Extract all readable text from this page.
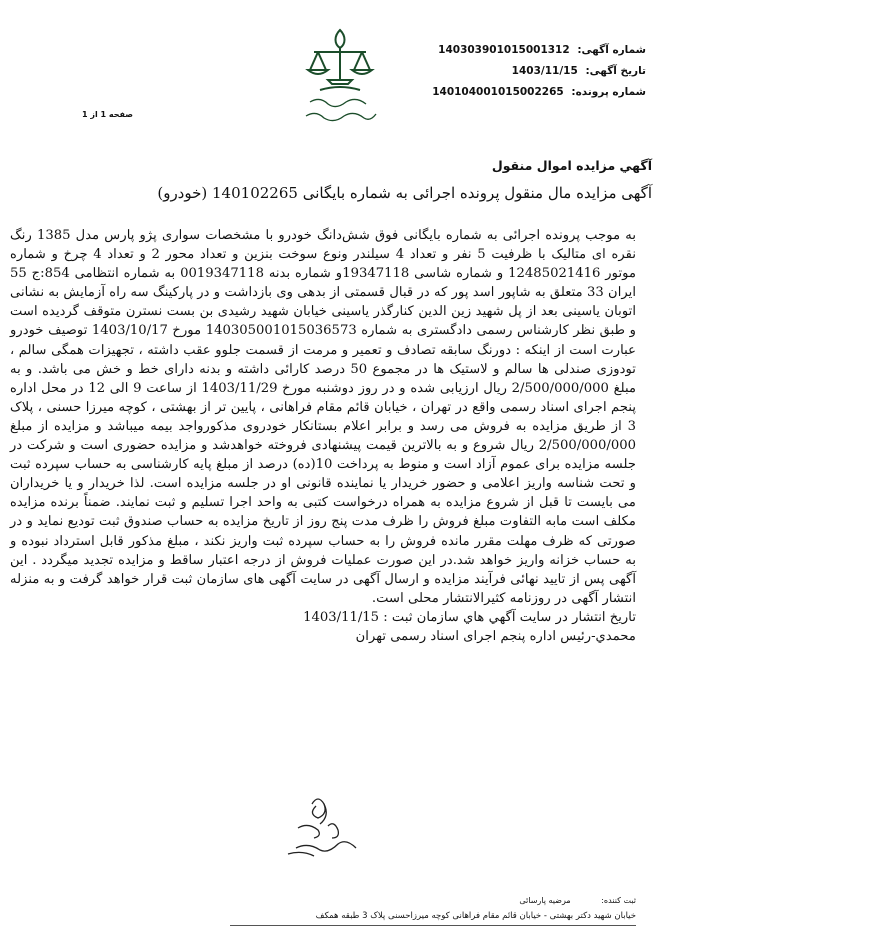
شماره آگهی: 140303901015001312
تاریخ آگهی: 1403/11/15
شماره پرونده: 140104001015002265
صفحه 1 از 1
آگهي مزايده اموال منقول
آگهی مزایده مال منقول پرونده اجرائی به شماره بایگانی 140102265 (خودرو)

به موجب پرونده اجرائی به شماره بایگانی فوق شش‌دانگ خودرو با مشخصات سواری پژو پارس مدل 1385 رنگ نقره ای متالیک با ظرفیت 5 نفر و تعداد 4 سیلندر ونوع سوخت بنزین و تعداد محور 2 و تعداد 4 چرخ و شماره موتور 12485021416 و شماره شاسی 19347118و شماره بدنه 0019347118 به شماره انتظامی 854:ج 55 ایران 33 متعلق به شاپور اسد پور که در قبال قسمتی از بدهی وی بازداشت و در پارکینگ سه راه آزمایش به نشانی اتوبان یاسینی بعد از پل شهید زین الدین کنارگذر یاسینی خیابان شهید رشیدی بن بست نسترن متوقف گردیده است و طبق نظر کارشناس رسمی دادگستری به شماره 140305001015036573 مورخ 1403/10/17 توصیف خودرو عبارت است از اینکه : دورنگ سابقه تصادف و تعمیر و مرمت از قسمت جلوو عقب داشته ، تجهیزات همگی سالم ، تودوزی صندلی ها سالم و لاستیک ها در مجموع 50 درصد کارائی داشته و بدنه دارای خط و خش می باشد. و به مبلغ 2/500/000/000 ریال ارزیابی شده و در روز دوشنبه مورخ 1403/11/29 از ساعت 9 الی 12 در محل اداره پنجم اجرای اسناد رسمی واقع در تهران ، خیابان قائم مقام فراهانی ، پایین تر از بهشتی ، کوچه میرزا حسنی ، پلاک 3 از طریق مزایده به فروش می رسد و برابر اعلام بستانکار خودروی مذکورواجد بیمه میباشد و مزایده از مبلغ 2/500/000/000 ریال شروع و به بالاترین قیمت پیشنهادی فروخته خواهدشد و مزایده حضوری است و شرکت در جلسه مزایده برای عموم آزاد است و منوط به پرداخت 10(ده) درصد از مبلغ پایه کارشناسی به حساب سپرده ثبت و تحت شناسه واریز اعلامی و حضور خریدار یا نماینده قانونی او در جلسه مزایده است. لذا خریدار و یا خریداران می بایست تا قبل از شروع مزایده به همراه درخواست کتبی به واحد اجرا تسلیم و ثبت نمایند. ضمناً برنده مزایده مکلف است مابه التفاوت مبلغ فروش را ظرف مدت پنج روز از تاریخ مزایده به حساب صندوق ثبت تودیع نماید و در صورتی که ظرف مهلت مقرر مانده فروش را به حساب سپرده ثبت واریز نکند ، مبلغ مذکور قابل استرداد نبوده و به حساب خزانه واریز خواهد شد.در این صورت عملیات فروش از درجه اعتبار ساقط و مزایده تجدید میگردد . این آگهی پس از تایید نهائی فرآیند مزایده و ارسال آگهی در سایت آگهی های سازمان ثبت قرار خواهد گرفت و به منزله انتشار آگهی در روزنامه کثیرالانتشار محلی است.

تاریخ انتشار در سایت آگهي هاي سازمان ثبت : 1403/11/15

محمدي-رئيس اداره پنجم اجرای اسناد رسمی تهران

ثبت کننده: مرضیه پارسائی
خیابان شهید دکتر بهشتی - خیابان قائم مقام فراهانی کوچه میرزاحسنی پلاک 3 طبقه همکف
